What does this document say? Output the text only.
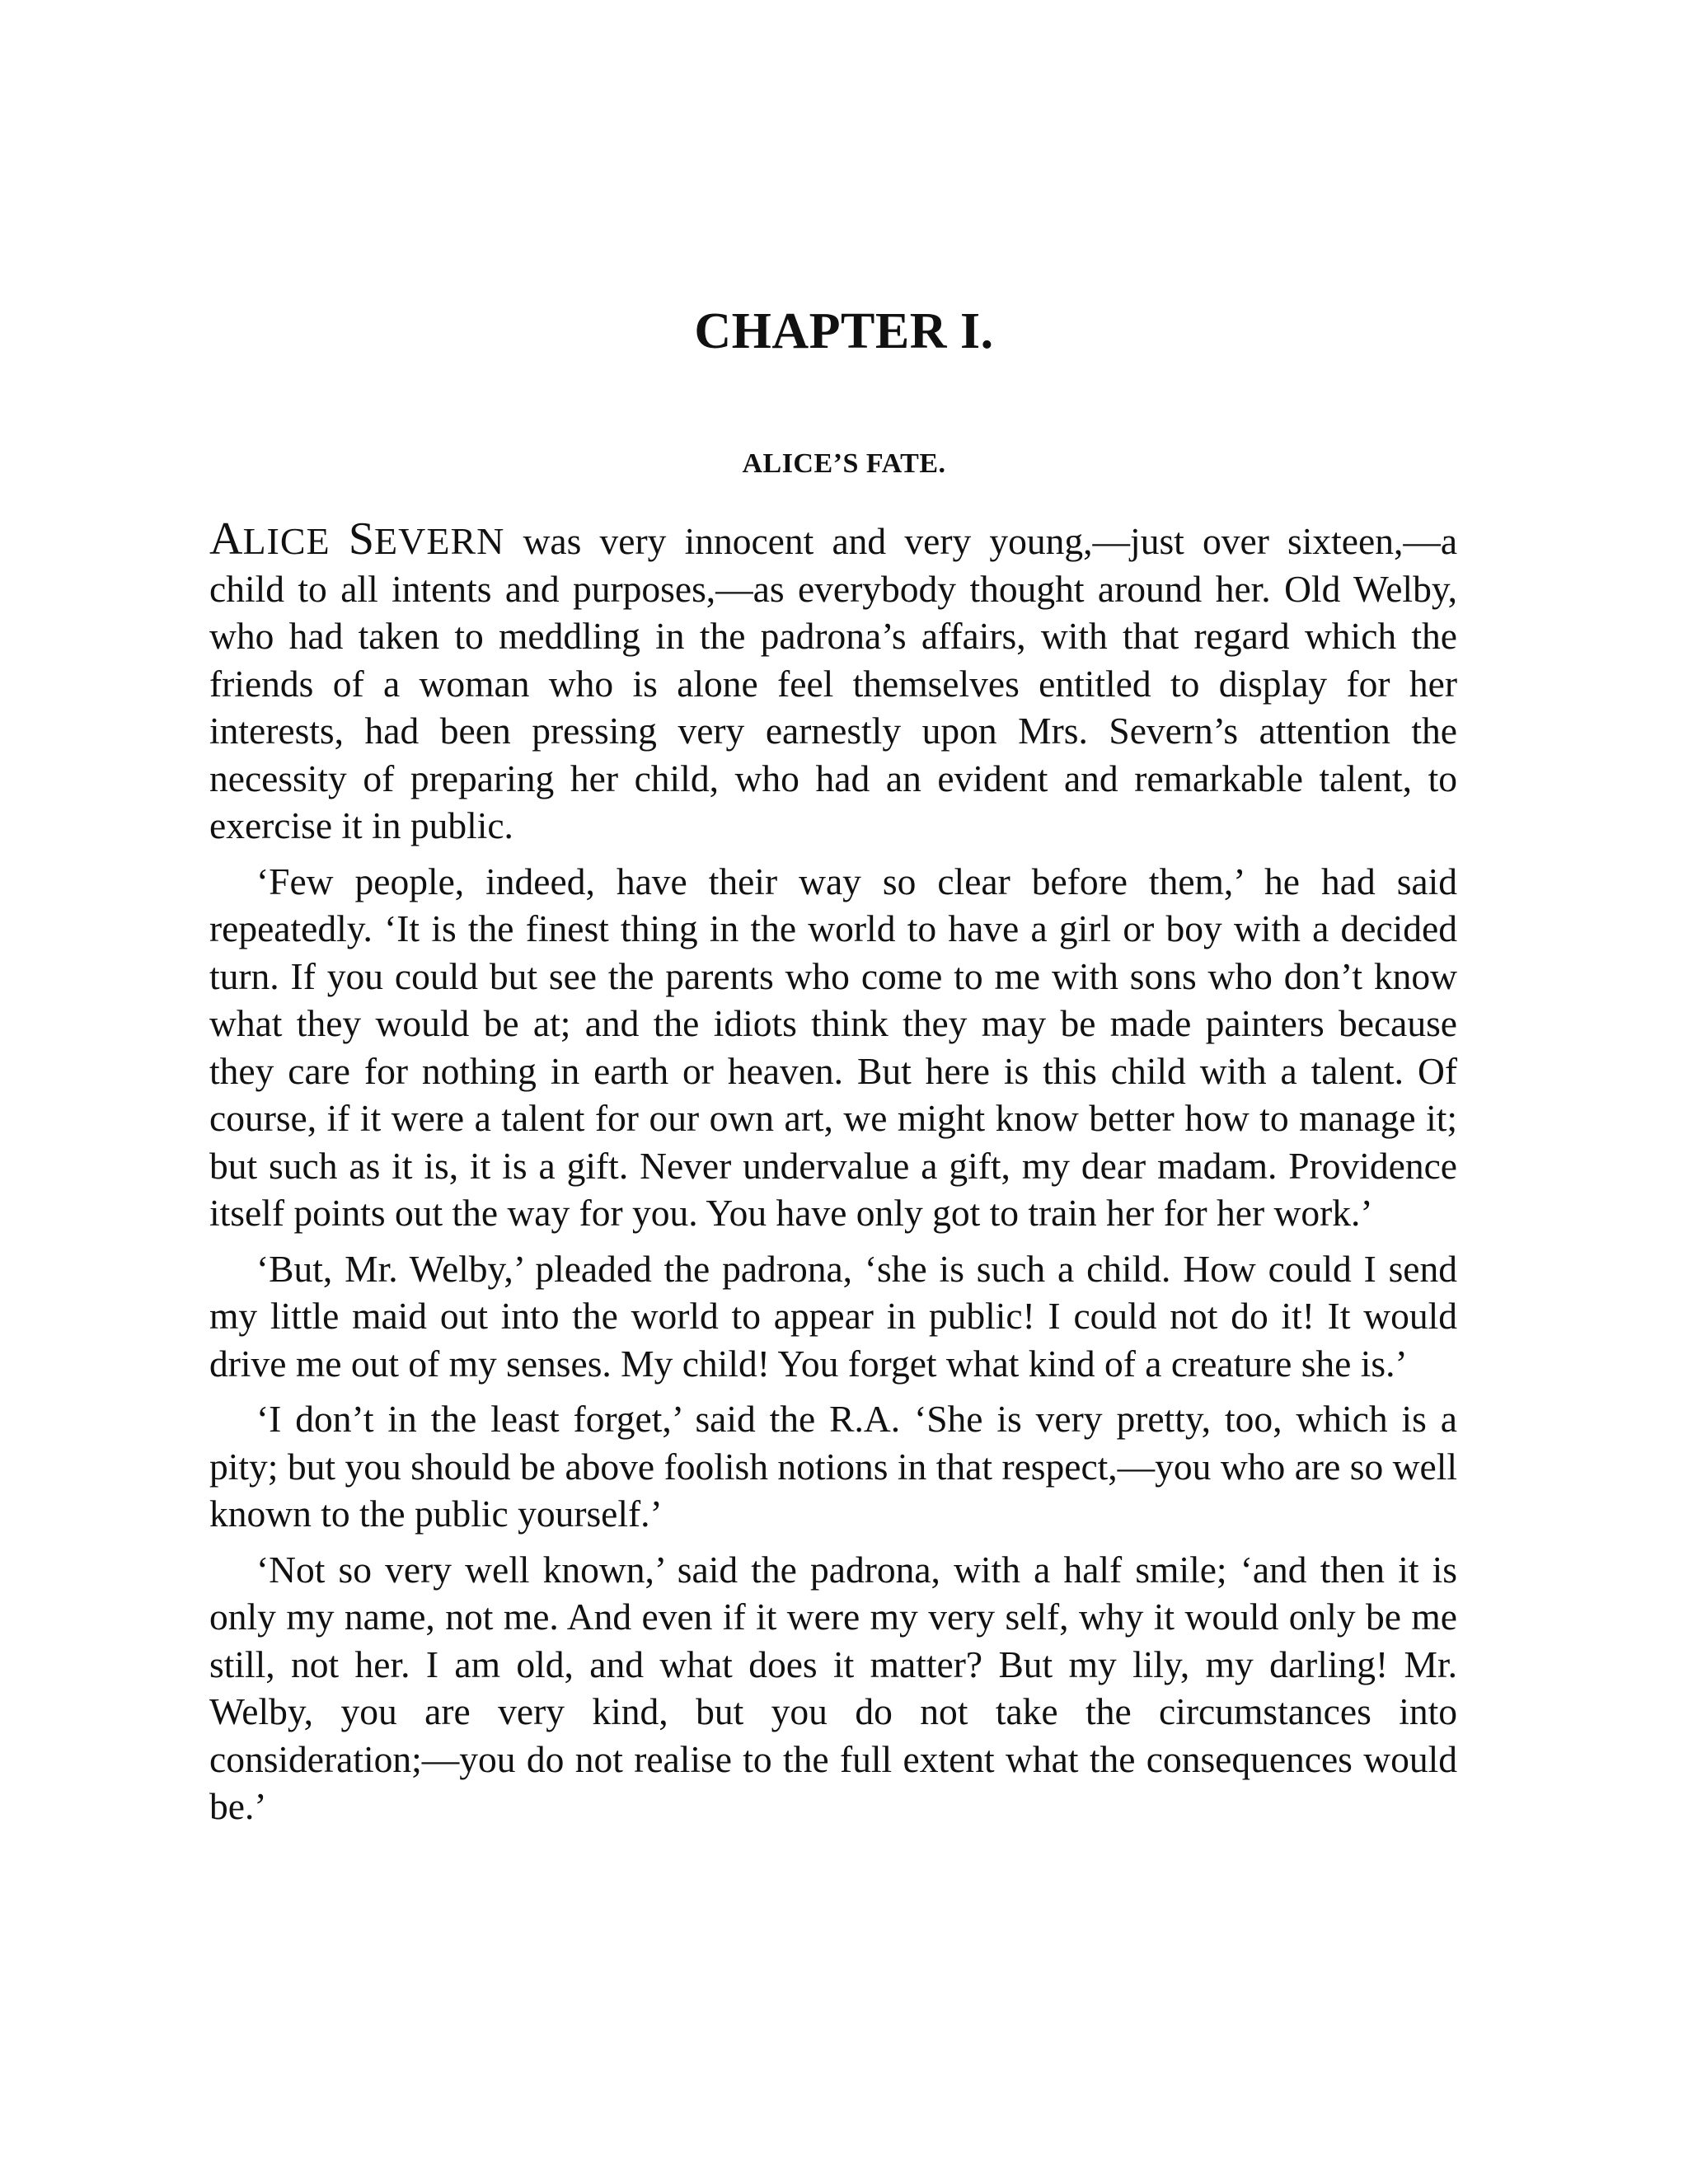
CHAPTER I.
ALICE’S FATE.

ALICE SEVERN was very innocent and very young,—just over sixteen,—a child to all intents and purposes,—as everybody thought around her. Old Welby, who had taken to meddling in the padrona’s affairs, with that regard which the friends of a woman who is alone feel themselves entitled to display for her interests, had been pressing very earnestly upon Mrs. Severn’s attention the necessity of preparing her child, who had an evident and remarkable talent, to exercise it in public.

‘Few people, indeed, have their way so clear before them,’ he had said repeatedly. ‘It is the finest thing in the world to have a girl or boy with a decided turn. If you could but see the parents who come to me with sons who don’t know what they would be at; and the idiots think they may be made painters because they care for nothing in earth or heaven. But here is this child with a talent. Of course, if it were a talent for our own art, we might know better how to manage it; but such as it is, it is a gift. Never undervalue a gift, my dear madam. Providence itself points out the way for you. You have only got to train her for her work.’

‘But, Mr. Welby,’ pleaded the padrona, ‘she is such a child. How could I send my little maid out into the world to appear in public! I could not do it! It would drive me out of my senses. My child! You forget what kind of a creature she is.’

‘I don’t in the least forget,’ said the R.A. ‘She is very pretty, too, which is a pity; but you should be above foolish notions in that respect,—you who are so well known to the public yourself.’

‘Not so very well known,’ said the padrona, with a half smile; ‘and then it is only my name, not me. And even if it were my very self, why it would only be me still, not her. I am old, and what does it matter? But my lily, my darling! Mr. Welby, you are very kind, but you do not take the circumstances into consideration;—you do not realise to the full extent what the consequences would be.’
